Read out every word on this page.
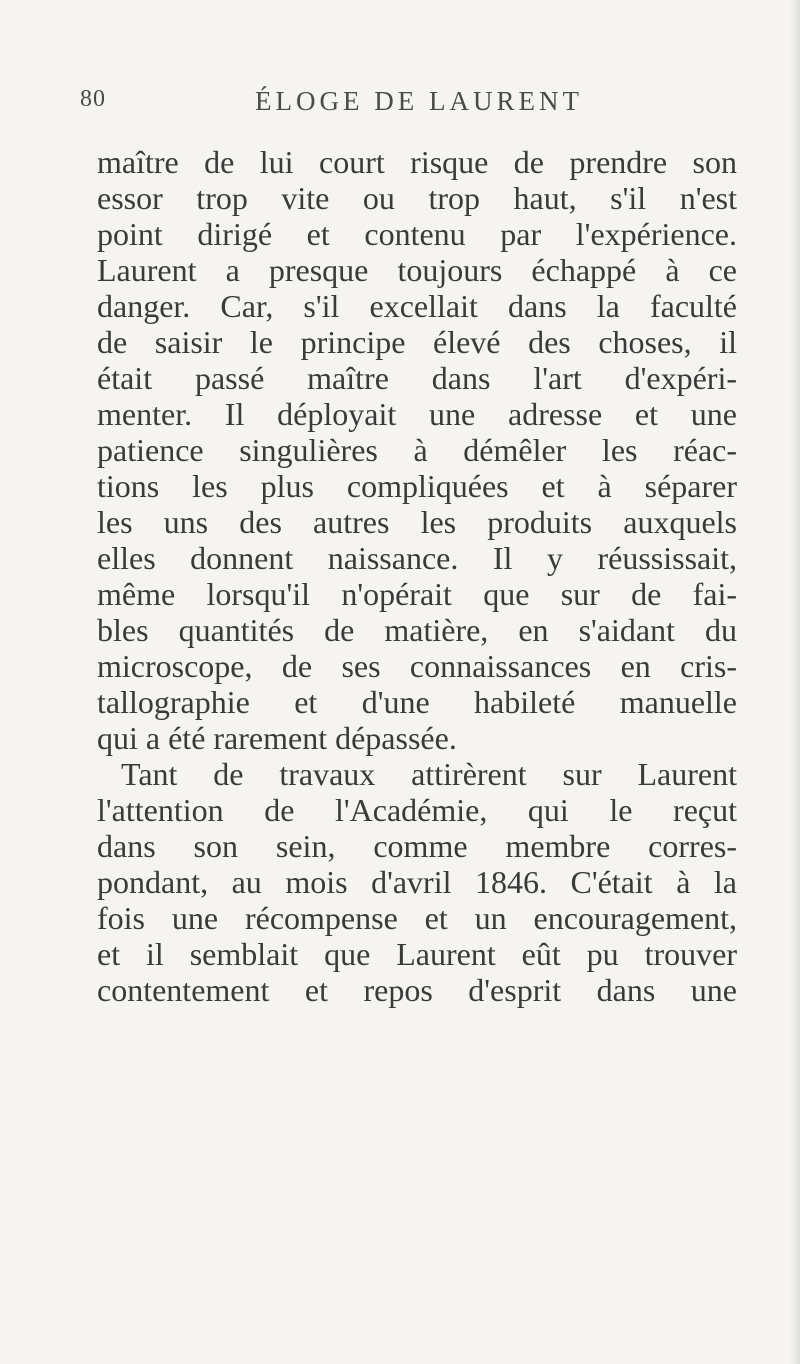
80	ÉLOGE DE LAURENT
maître de lui court risque de prendre son
essor trop vite ou trop haut, s'il n'est
point dirigé et contenu par l'expérience.
Laurent a presque toujours échappé à ce
danger. Car, s'il excellait dans la faculté
de saisir le principe élevé des choses, il
était passé maître dans l'art d'expéri-
menter. Il déployait une adresse et une
patience singulières à démêler les réac-
tions les plus compliquées et à séparer
les uns des autres les produits auxquels
elles donnent naissance. Il y réussissait,
même lorsqu'il n'opérait que sur de fai-
bles quantités de matière, en s'aidant du
microscope, de ses connaissances en cris-
tallographie et d'une habileté manuelle
qui a été rarement dépassée.
Tant de travaux attirèrent sur Laurent
l'attention de l'Académie, qui le reçut
dans son sein, comme membre corres-
pondant, au mois d'avril 1846. C'était à la
fois une récompense et un encouragement,
et il semblait que Laurent eût pu trouver
contentement et repos d'esprit dans une
